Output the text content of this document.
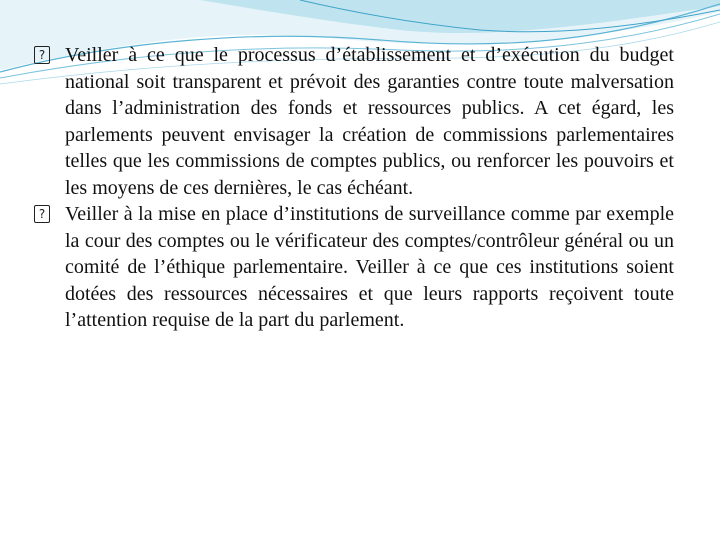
? Veiller à ce que le processus d’établissement et d’exécution du budget national soit transparent et prévoit des garanties contre toute malversation dans l’administration des fonds et ressources publics. A cet égard, les parlements peuvent envisager la création de commissions parlementaires telles que les commissions de comptes publics, ou renforcer les pouvoirs et les moyens de ces dernières, le cas échéant.

? Veiller à la mise en place d’institutions de surveillance comme par exemple la cour des comptes ou le vérificateur des comptes/contrôleur général ou un comité de l’éthique parlementaire. Veiller à ce que ces institutions soient dotées des ressources nécessaires et que leurs rapports reçoivent toute l’attention requise de la part du parlement.
